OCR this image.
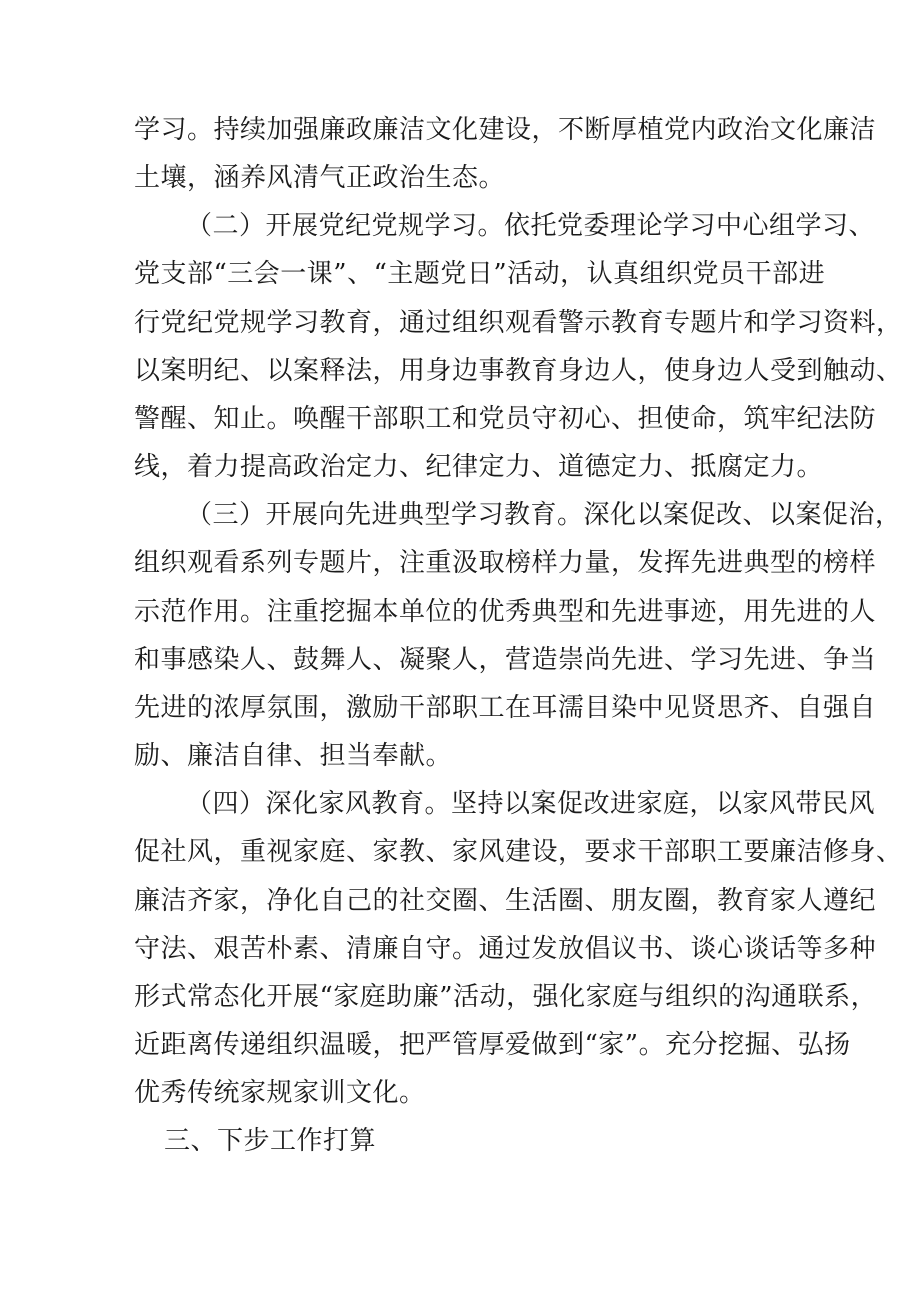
学习。持续加强廉政廉洁文化建设，不断厚植党内政治文化廉洁
土壤，涵养风清气正政治生态。
（二）开展党纪党规学习。依托党委理论学习中心组学习、
党支部“三会一课”、“主题党日”活动，认真组织党员干部进
行党纪党规学习教育，通过组织观看警示教育专题片和学习资料，
以案明纪、以案释法，用身边事教育身边人，使身边人受到触动、
警醒、知止。唤醒干部职工和党员守初心、担使命，筑牢纪法防
线，着力提高政治定力、纪律定力、道德定力、抵腐定力。
（三）开展向先进典型学习教育。深化以案促改、以案促治，
组织观看系列专题片，注重汲取榜样力量，发挥先进典型的榜样
示范作用。注重挖掘本单位的优秀典型和先进事迹，用先进的人
和事感染人、鼓舞人、凝聚人，营造崇尚先进、学习先进、争当
先进的浓厚氛围，激励干部职工在耳濡目染中见贤思齐、自强自
励、廉洁自律、担当奉献。
（四）深化家风教育。坚持以案促改进家庭，以家风带民风
促社风，重视家庭、家教、家风建设，要求干部职工要廉洁修身、
廉洁齐家，净化自己的社交圈、生活圈、朋友圈，教育家人遵纪
守法、艰苦朴素、清廉自守。通过发放倡议书、谈心谈话等多种
形式常态化开展“家庭助廉”活动，强化家庭与组织的沟通联系，
近距离传递组织温暖，把严管厚爱做到“家”。充分挖掘、弘扬
优秀传统家规家训文化。
三、下步工作打算
